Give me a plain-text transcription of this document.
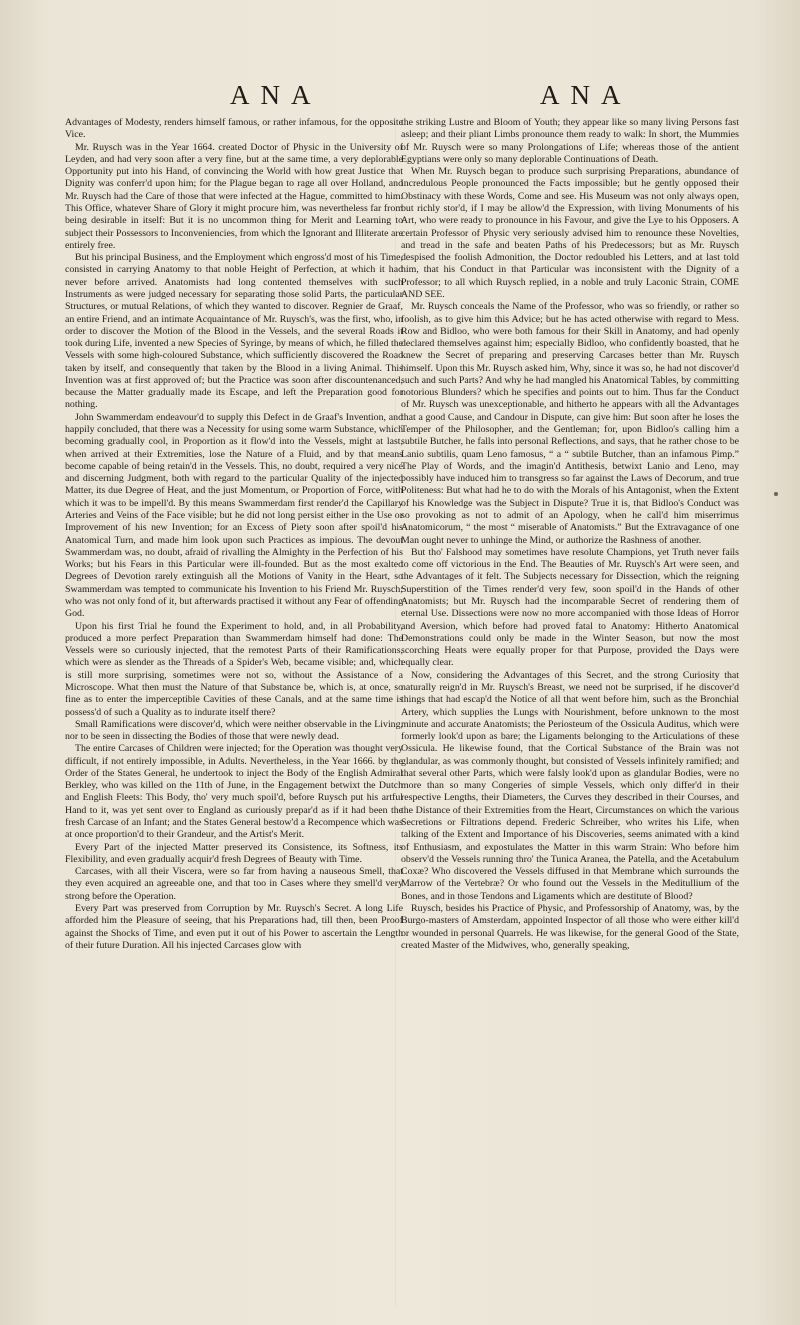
ANA	ANA

Advantages of Modesty, renders himself famous, or rather infamous, for the opposite Vice.

Mr. Ruysch was in the Year 1664. created Doctor of Physic in the University of Leyden, and had very soon after a very fine, but at the same time, a very deplorable Opportunity put into his Hand, of convincing the World with how great Justice that Dignity was conferr'd upon him; for the Plague began to rage all over Holland, and Mr. Ruysch had the Care of those that were infected at the Hague, committed to him. This Office, whatever Share of Glory it might procure him, was nevertheless far from being desirable in itself: But it is no uncommon thing for Merit and Learning to subject their Possessors to Inconveniencies, from which the Ignorant and Illiterate are entirely free.

But his principal Business, and the Employment which engross'd most of his Time, consisted in carrying Anatomy to that noble Height of Perfection, at which it had never before arrived. Anatomists had long contented themselves with such Instruments as were judged necessary for separating those solid Parts, the particular Structures, or mutual Relations, of which they wanted to discover. Regnier de Graaf, an entire Friend, and an intimate Acquaintance of Mr. Ruysch's, was the first, who, in order to discover the Motion of the Blood in the Vessels, and the several Roads it took during Life, invented a new Species of Syringe, by means of which, he filled the Vessels with some high-coloured Substance, which sufficiently discovered the Road taken by itself, and consequently that taken by the Blood in a living Animal. This Invention was at first approved of; but the Practice was soon after discountenanced, because the Matter gradually made its Escape, and left the Preparation good for nothing.

John Swammerdam endeavour'd to supply this Defect in de Graaf's Invention, and happily concluded, that there was a Necessity for using some warm Substance, which becoming gradually cool, in Proportion as it flow'd into the Vessels, might at last, when arrived at their Extremities, lose the Nature of a Fluid, and by that means become capable of being retain'd in the Vessels. This, no doubt, required a very nice and discerning Judgment, both with regard to the particular Quality of the injected Matter, its due Degree of Heat, and the just Momentum, or Proportion of Force, with which it was to be impell'd. By this means Swammerdam first render'd the Capillary Arteries and Veins of the Face visible; but he did not long persist either in the Use or Improvement of his new Invention; for an Excess of Piety soon after spoil'd his Anatomical Turn, and made him look upon such Practices as impious. The devout Swammerdam was, no doubt, afraid of rivalling the Almighty in the Perfection of his Works; but his Fears in this Particular were ill-founded. But as the most exalted Degrees of Devotion rarely extinguish all the Motions of Vanity in the Heart, so Swammerdam was tempted to communicate his Invention to his Friend Mr. Ruysch; who was not only fond of it, but afterwards practised it without any Fear of offending God.

Upon his first Trial he found the Experiment to hold, and, in all Probability, produced a more perfect Preparation than Swammerdam himself had done: The Vessels were so curiously injected, that the remotest Parts of their Ramifications, which were as slender as the Threads of a Spider's Web, became visible; and, which is still more surprising, sometimes were not so, without the Assistance of a Microscope. What then must the Nature of that Substance be, which is, at once, so fine as to enter the imperceptible Cavities of these Canals, and at the same time is possess'd of such a Quality as to indurate itself there?

Small Ramifications were discover'd, which were neither observable in the Living, nor to be seen in dissecting the Bodies of those that were newly dead.

The entire Carcases of Children were injected; for the Operation was thought very difficult, if not entirely impossible, in Adults. Nevertheless, in the Year 1666. by the Order of the States General, he undertook to inject the Body of the English Admiral Berkley, who was killed on the 11th of June, in the Engagement betwixt the Dutch and English Fleets: This Body, tho' very much spoil'd, before Ruysch put his artful Hand to it, was yet sent over to England as curiously prepar'd as if it had been the fresh Carcase of an Infant; and the States General bestow'd a Recompence which was at once proportion'd to their Grandeur, and the Artist's Merit.

Every Part of the injected Matter preserved its Consistence, its Softness, its Flexibility, and even gradually acquir'd fresh Degrees of Beauty with Time.

Carcases, with all their Viscera, were so far from having a nauseous Smell, that they even acquired an agreeable one, and that too in Cases where they smell'd very strong before the Operation.

Every Part was preserved from Corruption by Mr. Ruysch's Secret. A long Life afforded him the Pleasure of seeing, that his Preparations had, till then, been Proof against the Shocks of Time, and even put it out of his Power to ascertain the Length of their future Duration. All his injected Carcases glow with

the striking Lustre and Bloom of Youth; they appear like so many living Persons fast asleep; and their pliant Limbs pronounce them ready to walk: In short, the Mummies of Mr. Ruysch were so many Prolongations of Life; whereas those of the antient Egyptians were only so many deplorable Continuations of Death.

When Mr. Ruysch began to produce such surprising Preparations, abundance of incredulous People pronounced the Facts impossible; but he gently opposed their Obstinacy with these Words, Come and see. His Museum was not only always open, but richly stor'd, if I may be allow'd the Expression, with living Monuments of his Art, who were ready to pronounce in his Favour, and give the Lye to his Opposers. A certain Professor of Physic very seriously advised him to renounce these Novelties, and tread in the safe and beaten Paths of his Predecessors; but as Mr. Ruysch despised the foolish Admonition, the Doctor redoubled his Letters, and at last told him, that his Conduct in that Particular was inconsistent with the Dignity of a Professor; to all which Ruysch replied, in a noble and truly Laconic Strain, COME AND SEE.

Mr. Ruysch conceals the Name of the Professor, who was so friendly, or rather so foolish, as to give him this Advice; but he has acted otherwise with regard to Mess. Row and Bidloo, who were both famous for their Skill in Anatomy, and had openly declared themselves against him; especially Bidloo, who confidently boasted, that he knew the Secret of preparing and preserving Carcases better than Mr. Ruysch himself. Upon this Mr. Ruysch asked him, Why, since it was so, he had not discover'd such and such Parts? And why he had mangled his Anatomical Tables, by committing notorious Blunders? which he specifies and points out to him. Thus far the Conduct of Mr. Ruysch was unexceptionable, and hitherto he appears with all the Advantages that a good Cause, and Candour in Dispute, can give him: But soon after he loses the Temper of the Philosopher, and the Gentleman; for, upon Bidloo's calling him a subtile Butcher, he falls into personal Reflections, and says, that he rather chose to be Lanio subtilis, quam Leno famosus, “ a “ subtile Butcher, than an infamous Pimp.” The Play of Words, and the imagin'd Antithesis, betwixt Lanio and Leno, may possibly have induced him to transgress so far against the Laws of Decorum, and true Politeness: But what had he to do with the Morals of his Antagonist, when the Extent of his Knowledge was the Subject in Dispute? True it is, that Bidloo's Conduct was so provoking as not to admit of an Apology, when he call'd him miserrimus Anatomicorum, “ the most “ miserable of Anatomists.” But the Extravagance of one Man ought never to unhinge the Mind, or authorize the Rashness of another.

But tho' Falshood may sometimes have resolute Champions, yet Truth never fails to come off victorious in the End. The Beauties of Mr. Ruysch's Art were seen, and the Advantages of it felt. The Subjects necessary for Dissection, which the reigning Superstition of the Times render'd very few, soon spoil'd in the Hands of other Anatomists; but Mr. Ruysch had the incomparable Secret of rendering them of eternal Use. Dissections were now no more accompanied with those Ideas of Horror and Aversion, which before had proved fatal to Anatomy: Hitherto Anatomical Demonstrations could only be made in the Winter Season, but now the most scorching Heats were equally proper for that Purpose, provided the Days were equally clear.

Now, considering the Advantages of this Secret, and the strong Curiosity that naturally reign'd in Mr. Ruysch's Breast, we need not be surprised, if he discover'd things that had escap'd the Notice of all that went before him, such as the Bronchial Artery, which supplies the Lungs with Nourishment, before unknown to the most minute and accurate Anatomists; the Periosteum of the Ossicula Auditus, which were formerly look'd upon as bare; the Ligaments belonging to the Articulations of these Ossicula. He likewise found, that the Cortical Substance of the Brain was not glandular, as was commonly thought, but consisted of Vessels infinitely ramified; and that several other Parts, which were falsly look'd upon as glandular Bodies, were no more than so many Congeries of simple Vessels, which only differ'd in their respective Lengths, their Diameters, the Curves they described in their Courses, and the Distance of their Extremities from the Heart, Circumstances on which the various Secretions or Filtrations depend. Frederic Schreiber, who writes his Life, when talking of the Extent and Importance of his Discoveries, seems animated with a kind of Enthusiasm, and expostulates the Matter in this warm Strain: Who before him observ'd the Vessels running thro' the Tunica Aranea, the Patella, and the Acetabulum Coxæ? Who discovered the Vessels diffused in that Membrane which surrounds the Marrow of the Vertebræ? Or who found out the Vessels in the Meditullium of the Bones, and in those Tendons and Ligaments which are destitute of Blood?

Ruysch, besides his Practice of Physic, and Professorship of Anatomy, was, by the Burgo-masters of Amsterdam, appointed Inspector of all those who were either kill'd or wounded in personal Quarrels. He was likewise, for the general Good of the State, created Master of the Midwives, who, generally speaking,
